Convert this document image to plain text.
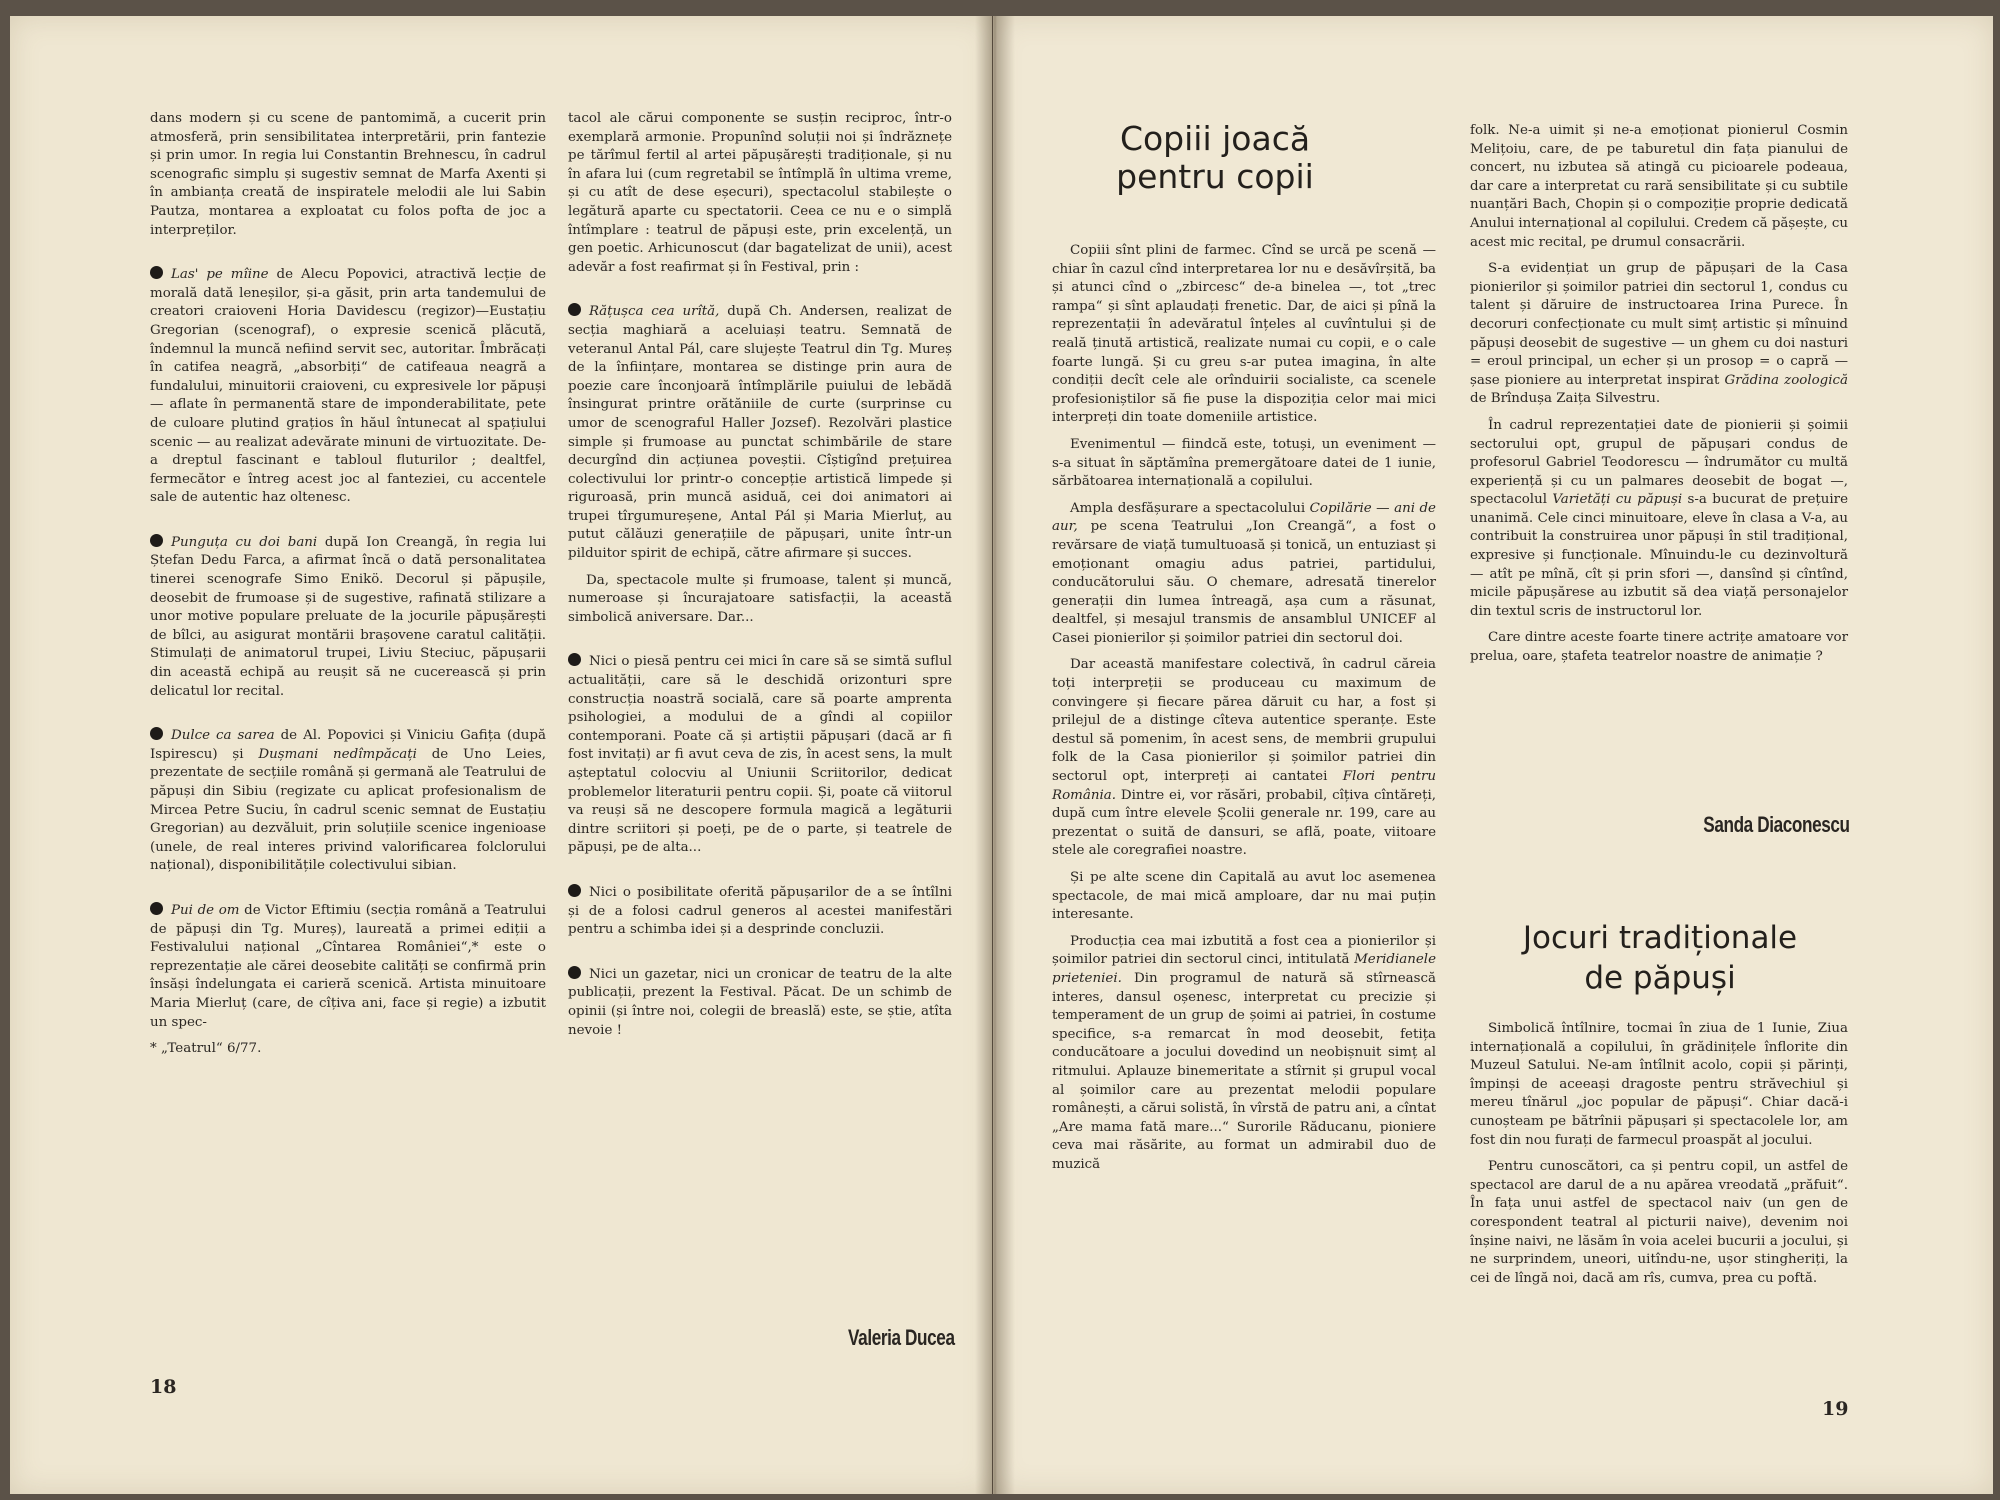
dans modern și cu scene de pantomimă, a cucerit prin atmosferă, prin sensibilitatea interpretării, prin fantezie și prin umor. In regia lui Constantin Brehnescu, în cadrul scenografic simplu și sugestiv semnat de Marfa Axenti și în ambianța creată de inspiratele melodii ale lui Sabin Pautza, montarea a exploatat cu folos pofta de joc a interpreților.

Las' pe mîine de Alecu Popovici, atractivă lecție de morală dată leneșilor, și-a găsit, prin arta tandemului de creatori craioveni Horia Davidescu (regizor)—Eustațiu Gregorian (scenograf), o expresie scenică plăcută, îndemnul la muncă nefiind servit sec, autoritar. Îmbrăcați în catifea neagră, „absorbiți“ de catifeaua neagră a fundalului, minuitorii craioveni, cu expresivele lor păpuși — aflate în permanentă stare de imponderabilitate, pete de culoare plutind grațios în hăul întunecat al spațiului scenic — au realizat adevărate minuni de virtuozitate. De-a dreptul fascinant e tabloul fluturilor ; dealtfel, fermecător e întreg acest joc al fanteziei, cu accentele sale de autentic haz oltenesc.

Punguța cu doi bani după Ion Creangă, în regia lui Ștefan Dedu Farca, a afirmat încă o dată personalitatea tinerei scenografe Simo Enikö. Decorul și păpușile, deosebit de frumoase și de sugestive, rafinată stilizare a unor motive populare preluate de la jocurile păpușărești de bîlci, au asigurat montării brașovene caratul calității. Stimulați de animatorul trupei, Liviu Steciuc, păpușarii din această echipă au reușit să ne cucerească și prin delicatul lor recital.

Dulce ca sarea de Al. Popovici și Viniciu Gafița (după Ispirescu) și Dușmani nedîmpăcați de Uno Leies, prezentate de secțiile română și germană ale Teatrului de păpuși din Sibiu (regizate cu aplicat profesionalism de Mircea Petre Suciu, în cadrul scenic semnat de Eustațiu Gregorian) au dezvăluit, prin soluțiile scenice ingenioase (unele, de real interes privind valorificarea folclorului național), disponibilitățile colectivului sibian.

Pui de om de Victor Eftimiu (secția română a Teatrului de păpuși din Tg. Mureș), laureată a primei ediții a Festivalului național „Cîntarea României“,* este o reprezentație ale cărei deosebite calități se confirmă prin însăși îndelungata ei carieră scenică. Artista minuitoare Maria Mierluț (care, de cîțiva ani, face și regie) a izbutit un spec-

* „Teatrul“ 6/77.

tacol ale cărui componente se susțin reciproc, într-o exemplară armonie. Propunînd soluții noi și îndrăznețe pe tărîmul fertil al artei păpușărești tradiționale, și nu în afara lui (cum regretabil se întîmplă în ultima vreme, și cu atît de dese eșecuri), spectacolul stabilește o legătură aparte cu spectatorii. Ceea ce nu e o simplă întîmplare : teatrul de păpuși este, prin excelență, un gen poetic. Arhicunoscut (dar bagatelizat de unii), acest adevăr a fost reafirmat și în Festival, prin :

Rățușca cea urîtă, după Ch. Andersen, realizat de secția maghiară a aceluiași teatru. Semnată de veteranul Antal Pál, care slujește Teatrul din Tg. Mureș de la înființare, montarea se distinge prin aura de poezie care înconjoară întîmplările puiului de lebădă însingurat printre orătăniile de curte (surprinse cu umor de scenograful Haller Jozsef). Rezolvări plastice simple și frumoase au punctat schimbările de stare decurgînd din acțiunea poveștii. Cîștigînd prețuirea colectivului lor printr-o concepție artistică limpede și riguroasă, prin muncă asiduă, cei doi animatori ai trupei tîrgumureșene, Antal Pál și Maria Mierluț, au putut călăuzi generațiile de păpușari, unite într-un pilduitor spirit de echipă, către afirmare și succes.

Da, spectacole multe și frumoase, talent și muncă, numeroase și încurajatoare satisfacții, la această simbolică aniversare. Dar...

Nici o piesă pentru cei mici în care să se simtă suflul actualității, care să le deschidă orizonturi spre construcția noastră socială, care să poarte amprenta psihologiei, a modului de a gîndi al copiilor contemporani. Poate că și artiștii păpușari (dacă ar fi fost invitați) ar fi avut ceva de zis, în acest sens, la mult așteptatul colocviu al Uniunii Scriitorilor, dedicat problemelor literaturii pentru copii. Și, poate că viitorul va reuși să ne descopere formula magică a legăturii dintre scriitori și poeți, pe de o parte, și teatrele de păpuși, pe de alta...

Nici o posibilitate oferită păpușarilor de a se întîlni și de a folosi cadrul generos al acestei manifestări pentru a schimba idei și a desprinde concluzii.

Nici un gazetar, nici un cronicar de teatru de la alte publicații, prezent la Festival. Păcat. De un schimb de opinii (și între noi, colegii de breaslă) este, se știe, atîta nevoie !

Valeria Ducea
18
Copiii joacă pentru copii

Copiii sînt plini de farmec. Cînd se urcă pe scenă — chiar în cazul cînd interpretarea lor nu e desăvîrșită, ba și atunci cînd o „zbircesc“ de-a binelea —, tot „trec rampa“ și sînt aplaudați frenetic. Dar, de aici și pînă la reprezentații în adevăratul înțeles al cuvîntului și de reală ținută artistică, realizate numai cu copii, e o cale foarte lungă. Și cu greu s-ar putea imagina, în alte condiții decît cele ale orînduirii socialiste, ca scenele profesioniștilor să fie puse la dispoziția celor mai mici interpreți din toate domeniile artistice.

Evenimentul — fiindcă este, totuși, un eveniment — s-a situat în săptămîna premergătoare datei de 1 iunie, sărbătoarea internațională a copilului.

Ampla desfășurare a spectacolului Copilărie — ani de aur, pe scena Teatrului „Ion Creangă“, a fost o revărsare de viață tumultuoasă și tonică, un entuziast și emoționant omagiu adus patriei, partidului, conducătorului său. O chemare, adresată tinerelor generații din lumea întreagă, așa cum a răsunat, dealtfel, și mesajul transmis de ansamblul UNICEF al Casei pionierilor și șoimilor patriei din sectorul doi.

Dar această manifestare colectivă, în cadrul căreia toți interpreții se produceau cu maximum de convingere și fiecare părea dăruit cu har, a fost și prilejul de a distinge cîteva autentice speranțe. Este destul să pomenim, în acest sens, de membrii grupului folk de la Casa pionierilor și șoimilor patriei din sectorul opt, interpreți ai cantatei Flori pentru România. Dintre ei, vor răsări, probabil, cîțiva cîntăreți, după cum între elevele Școlii generale nr. 199, care au prezentat o suită de dansuri, se află, poate, viitoare stele ale coregrafiei noastre.

Și pe alte scene din Capitală au avut loc asemenea spectacole, de mai mică amploare, dar nu mai puțin interesante.

Producția cea mai izbutită a fost cea a pionierilor și șoimilor patriei din sectorul cinci, intitulată Meridianele prieteniei. Din programul de natură să stîrnească interes, dansul oșenesc, interpretat cu precizie și temperament de un grup de șoimi ai patriei, în costume specifice, s-a remarcat în mod deosebit, fetița conducătoare a jocului dovedind un neobișnuit simț al ritmului. Aplauze binemeritate a stîrnit și grupul vocal al șoimilor care au prezentat melodii populare românești, a cărui solistă, în vîrstă de patru ani, a cîntat „Are mama fată mare...“ Surorile Răducanu, pioniere ceva mai răsărite, au format un admirabil duo de muzică

folk. Ne-a uimit și ne-a emoționat pionierul Cosmin Melițoiu, care, de pe taburetul din fața pianului de concert, nu izbutea să atingă cu picioarele podeaua, dar care a interpretat cu rară sensibilitate și cu subtile nuanțări Bach, Chopin și o compoziție proprie dedicată Anului internațional al copilului. Credem că pășește, cu acest mic recital, pe drumul consacrării.

S-a evidențiat un grup de păpușari de la Casa pionierilor și șoimilor patriei din sectorul 1, condus cu talent și dăruire de instructoarea Irina Purece. În decoruri confecționate cu mult simț artistic și mînuind păpuși deosebit de sugestive — un ghem cu doi nasturi = eroul principal, un echer și un prosop = o capră — șase pioniere au interpretat inspirat Grădina zoologică de Brîndușa Zaița Silvestru.

În cadrul reprezentației date de pionierii și șoimii sectorului opt, grupul de păpușari condus de profesorul Gabriel Teodorescu — îndrumător cu multă experiență și cu un palmares deosebit de bogat —, spectacolul Varietăți cu păpuși s-a bucurat de prețuire unanimă. Cele cinci minuitoare, eleve în clasa a V-a, au contribuit la construirea unor păpuși în stil tradițional, expresive și funcționale. Mînuindu-le cu dezinvoltură — atît pe mînă, cît și prin sfori —, dansînd și cîntînd, micile păpușărese au izbutit să dea viață personajelor din textul scris de instructorul lor.

Care dintre aceste foarte tinere actrițe amatoare vor prelua, oare, ștafeta teatrelor noastre de animație ?

Sanda Diaconescu
Jocuri tradiționale de păpuși

Simbolică întîlnire, tocmai în ziua de 1 Iunie, Ziua internațională a copilului, în grădinițele înflorite din Muzeul Satului. Ne-am întîlnit acolo, copii și părinți, împinși de aceeași dragoste pentru străvechiul și mereu tînărul „joc popular de păpuși“. Chiar dacă-i cunoșteam pe bătrînii păpușari și spectacolele lor, am fost din nou furați de farmecul proaspăt al jocului.

Pentru cunoscători, ca și pentru copil, un astfel de spectacol are darul de a nu apărea vreodată „prăfuit“. În fața unui astfel de spectacol naiv (un gen de corespondent teatral al picturii naive), devenim noi înșine naivi, ne lăsăm în voia acelei bucurii a jocului, și ne surprindem, uneori, uitîndu-ne, ușor stingheriți, la cei de lîngă noi, dacă am rîs, cumva, prea cu poftă.

19
